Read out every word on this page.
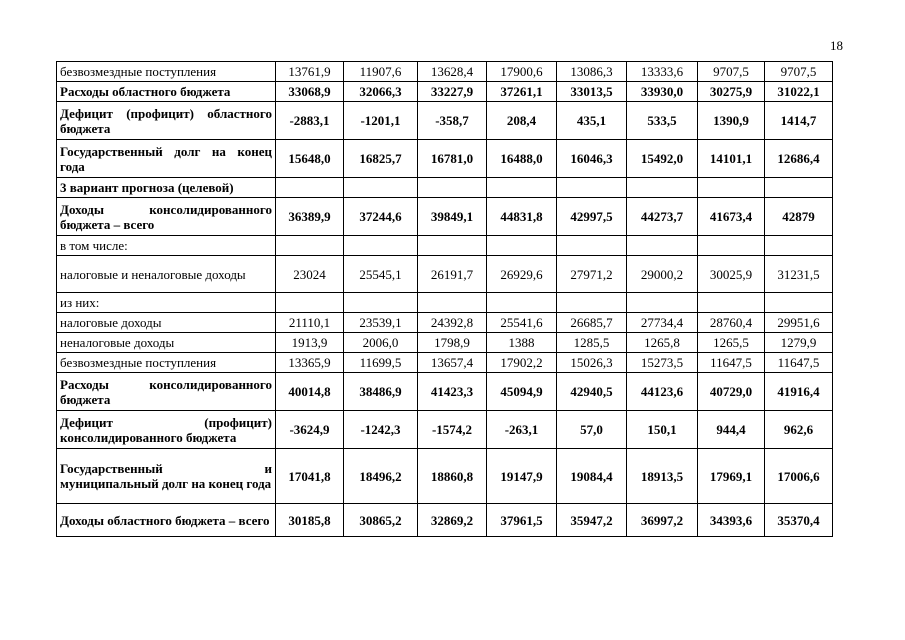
18
безвозмездные поступления	13761,9	11907,6	13628,4	17900,6	13086,3	13333,6	9707,5	9707,5
Расходы областного бюджета	33068,9	32066,3	33227,9	37261,1	33013,5	33930,0	30275,9	31022,1
Дефицит (профицит) областного бюджета	-2883,1	-1201,1	-358,7	208,4	435,1	533,5	1390,9	1414,7
Государственный долг на конец года	15648,0	16825,7	16781,0	16488,0	16046,3	15492,0	14101,1	12686,4
3 вариант прогноза (целевой)								
Доходы консолидированного бюджета – всего	36389,9	37244,6	39849,1	44831,8	42997,5	44273,7	41673,4	42879
в том числе:								
налоговые и неналоговые доходы	23024	25545,1	26191,7	26929,6	27971,2	29000,2	30025,9	31231,5
из них:								
налоговые доходы	21110,1	23539,1	24392,8	25541,6	26685,7	27734,4	28760,4	29951,6
неналоговые доходы	1913,9	2006,0	1798,9	1388	1285,5	1265,8	1265,5	1279,9
безвозмездные поступления	13365,9	11699,5	13657,4	17902,2	15026,3	15273,5	11647,5	11647,5
Расходы консолидированного бюджета	40014,8	38486,9	41423,3	45094,9	42940,5	44123,6	40729,0	41916,4
Дефицит (профицит) консолидированного бюджета	-3624,9	-1242,3	-1574,2	-263,1	57,0	150,1	944,4	962,6
Государственный и муниципальный долг на конец года	17041,8	18496,2	18860,8	19147,9	19084,4	18913,5	17969,1	17006,6
Доходы областного бюджета – всего	30185,8	30865,2	32869,2	37961,5	35947,2	36997,2	34393,6	35370,4
